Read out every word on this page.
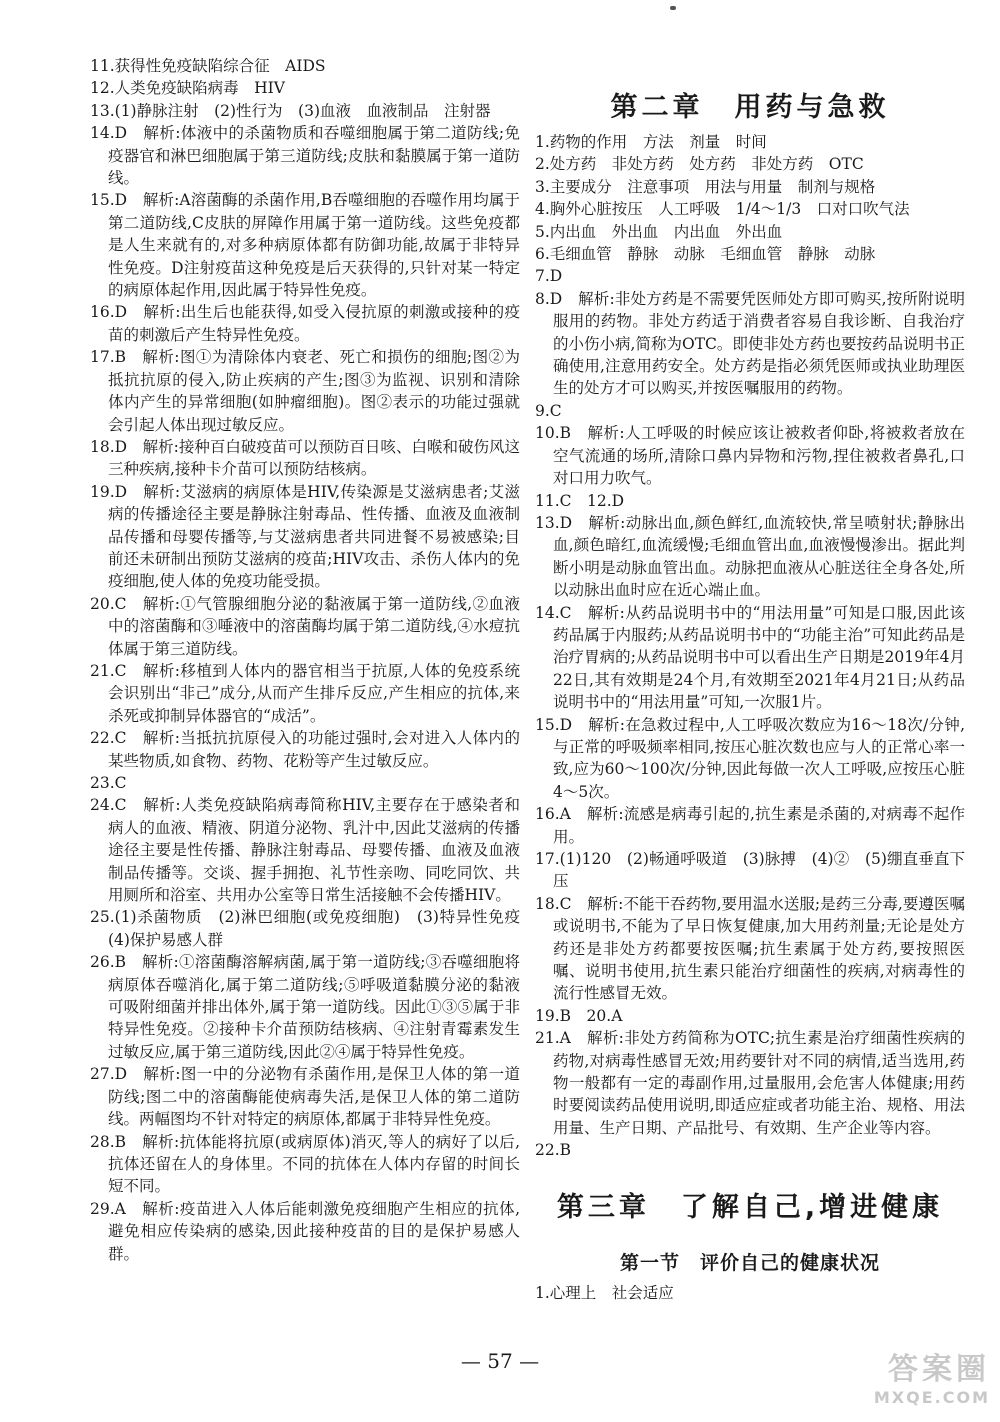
11.获得性免疫缺陷综合征　AIDS

12.人类免疫缺陷病毒　HIV

13.(1)静脉注射　(2)性行为　(3)血液　血液制品　注射器

14.D　解析:体液中的杀菌物质和吞噬细胞属于第二道防线;免疫器官和淋巴细胞属于第三道防线;皮肤和黏膜属于第一道防线。

15.D　解析:A溶菌酶的杀菌作用,B吞噬细胞的吞噬作用均属于第二道防线,C皮肤的屏障作用属于第一道防线。这些免疫都是人生来就有的,对多种病原体都有防御功能,故属于非特异性免疫。D注射疫苗这种免疫是后天获得的,只针对某一特定的病原体起作用,因此属于特异性免疫。

16.D　解析:出生后也能获得,如受入侵抗原的刺激或接种的疫苗的刺激后产生特异性免疫。

17.B　解析:图①为清除体内衰老、死亡和损伤的细胞;图②为抵抗抗原的侵入,防止疾病的产生;图③为监视、识别和清除体内产生的异常细胞(如肿瘤细胞)。图②表示的功能过强就会引起人体出现过敏反应。

18.D　解析:接种百白破疫苗可以预防百日咳、白喉和破伤风这三种疾病,接种卡介苗可以预防结核病。

19.D　解析:艾滋病的病原体是HIV,传染源是艾滋病患者;艾滋病的传播途径主要是静脉注射毒品、性传播、血液及血液制品传播和母婴传播等,与艾滋病患者共同进餐不易被感染;目前还未研制出预防艾滋病的疫苗;HIV攻击、杀伤人体内的免疫细胞,使人体的免疫功能受损。

20.C　解析:①气管腺细胞分泌的黏液属于第一道防线,②血液中的溶菌酶和③唾液中的溶菌酶均属于第二道防线,④水痘抗体属于第三道防线。

21.C　解析:移植到人体内的器官相当于抗原,人体的免疫系统会识别出“非己”成分,从而产生排斥反应,产生相应的抗体,来杀死或抑制异体器官的“成活”。

22.C　解析:当抵抗抗原侵入的功能过强时,会对进入人体内的某些物质,如食物、药物、花粉等产生过敏反应。

23.C

24.C　解析:人类免疫缺陷病毒简称HIV,主要存在于感染者和病人的血液、精液、阴道分泌物、乳汁中,因此艾滋病的传播途径主要是性传播、静脉注射毒品、母婴传播、血液及血液制品传播等。交谈、握手拥抱、礼节性亲吻、同吃同饮、共用厕所和浴室、共用办公室等日常生活接触不会传播HIV。

25.(1)杀菌物质　(2)淋巴细胞(或免疫细胞)　(3)特异性免疫　(4)保护易感人群

26.B　解析:①溶菌酶溶解病菌,属于第一道防线;③吞噬细胞将病原体吞噬消化,属于第二道防线;⑤呼吸道黏膜分泌的黏液可吸附细菌并排出体外,属于第一道防线。因此①③⑤属于非特异性免疫。②接种卡介苗预防结核病、④注射青霉素发生过敏反应,属于第三道防线,因此②④属于特异性免疫。

27.D　解析:图一中的分泌物有杀菌作用,是保卫人体的第一道防线;图二中的溶菌酶能使病毒失活,是保卫人体的第二道防线。两幅图均不针对特定的病原体,都属于非特异性免疫。

28.B　解析:抗体能将抗原(或病原体)消灭,等人的病好了以后,抗体还留在人的身体里。不同的抗体在人体内存留的时间长短不同。

29.A　解析:疫苗进入人体后能刺激免疫细胞产生相应的抗体,避免相应传染病的感染,因此接种疫苗的目的是保护易感人群。

第二章　用药与急救

1.药物的作用　方法　剂量　时间

2.处方药　非处方药　处方药　非处方药　OTC

3.主要成分　注意事项　用法与用量　制剂与规格

4.胸外心脏按压　人工呼吸　1/4～1/3　口对口吹气法

5.内出血　外出血　内出血　外出血

6.毛细血管　静脉　动脉　毛细血管　静脉　动脉

7.D

8.D　解析:非处方药是不需要凭医师处方即可购买,按所附说明服用的药物。非处方药适于消费者容易自我诊断、自我治疗的小伤小病,简称为OTC。即使非处方药也要按药品说明书正确使用,注意用药安全。处方药是指必须凭医师或执业助理医生的处方才可以购买,并按医嘱服用的药物。

9.C

10.B　解析:人工呼吸的时候应该让被救者仰卧,将被救者放在空气流通的场所,清除口鼻内异物和污物,捏住被救者鼻孔,口对口用力吹气。

11.C　12.D

13.D　解析:动脉出血,颜色鲜红,血流较快,常呈喷射状;静脉出血,颜色暗红,血流缓慢;毛细血管出血,血液慢慢渗出。据此判断小明是动脉血管出血。动脉把血液从心脏送往全身各处,所以动脉出血时应在近心端止血。

14.C　解析:从药品说明书中的“用法用量”可知是口服,因此该药品属于内服药;从药品说明书中的“功能主治”可知此药品是治疗胃病的;从药品说明书中可以看出生产日期是2019年4月22日,其有效期是24个月,有效期至2021年4月21日;从药品说明书中的“用法用量”可知,一次服1片。

15.D　解析:在急救过程中,人工呼吸次数应为16～18次/分钟,与正常的呼吸频率相同,按压心脏次数也应与人的正常心率一致,应为60～100次/分钟,因此每做一次人工呼吸,应按压心脏4～5次。

16.A　解析:流感是病毒引起的,抗生素是杀菌的,对病毒不起作用。

17.(1)120　(2)畅通呼吸道　(3)脉搏　(4)②　(5)绷直垂直下压

18.C　解析:不能干吞药物,要用温水送服;是药三分毒,要遵医嘱或说明书,不能为了早日恢复健康,加大用药剂量;无论是处方药还是非处方药都要按医嘱;抗生素属于处方药,要按照医嘱、说明书使用,抗生素只能治疗细菌性的疾病,对病毒性的流行性感冒无效。

19.B　20.A

21.A　解析:非处方药简称为OTC;抗生素是治疗细菌性疾病的药物,对病毒性感冒无效;用药要针对不同的病情,适当选用,药物一般都有一定的毒副作用,过量服用,会危害人体健康;用药时要阅读药品使用说明,即适应症或者功能主治、规格、用法用量、生产日期、产品批号、有效期、生产企业等内容。

22.B

第三章　了解自己,增进健康
第一节　评价自己的健康状况

1.心理上　社会适应

— 57 —	答案圈
MXQE.COM
